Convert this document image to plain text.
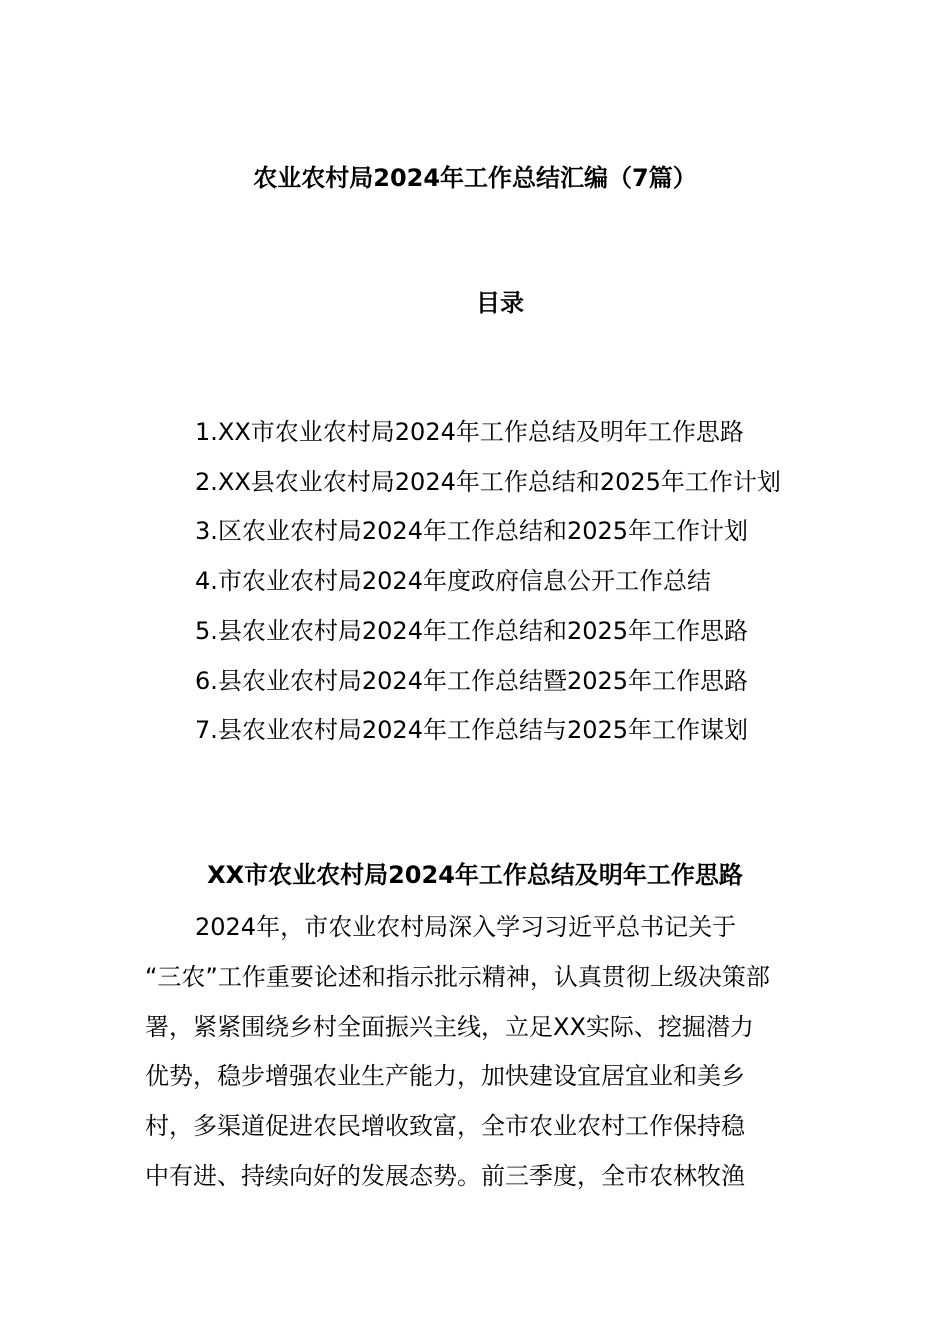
农业农村局2024年工作总结汇编（7篇）
目录
1.XX市农业农村局2024年工作总结及明年工作思路
2.XX县农业农村局2024年工作总结和2025年工作计划
3.区农业农村局2024年工作总结和2025年工作计划
4.市农业农村局2024年度政府信息公开工作总结
5.县农业农村局2024年工作总结和2025年工作思路
6.县农业农村局2024年工作总结暨2025年工作思路
7.县农业农村局2024年工作总结与2025年工作谋划
XX市农业农村局2024年工作总结及明年工作思路
2024年，市农业农村局深入学习习近平总书记关于
“三农”工作重要论述和指示批示精神，认真贯彻上级决策部
署，紧紧围绕乡村全面振兴主线，立足XX实际、挖掘潜力
优势，稳步增强农业生产能力，加快建设宜居宜业和美乡
村，多渠道促进农民增收致富，全市农业农村工作保持稳
中有进、持续向好的发展态势。前三季度，全市农林牧渔
